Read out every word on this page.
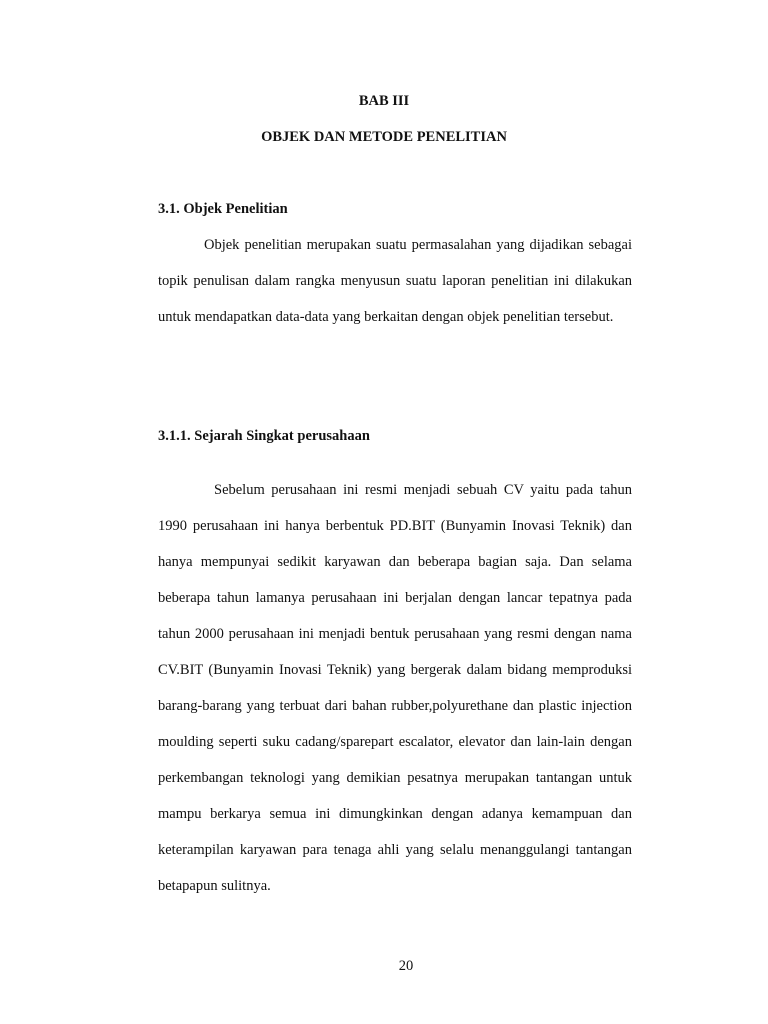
BAB III
OBJEK DAN METODE PENELITIAN
3.1. Objek Penelitian

Objek penelitian merupakan suatu permasalahan yang dijadikan sebagai topik penulisan dalam rangka menyusun suatu laporan penelitian ini dilakukan untuk mendapatkan data-data yang berkaitan dengan objek penelitian tersebut.

3.1.1. Sejarah Singkat perusahaan

Sebelum perusahaan ini resmi menjadi sebuah CV yaitu pada tahun 1990 perusahaan ini hanya berbentuk PD.BIT (Bunyamin Inovasi Teknik) dan hanya mempunyai sedikit karyawan dan beberapa bagian saja. Dan selama beberapa tahun lamanya perusahaan ini berjalan dengan lancar tepatnya pada tahun 2000 perusahaan ini menjadi bentuk perusahaan yang resmi dengan nama CV.BIT (Bunyamin Inovasi Teknik) yang bergerak dalam bidang memproduksi barang-barang yang terbuat dari bahan rubber,polyurethane dan plastic injection moulding seperti suku cadang/sparepart escalator, elevator dan lain-lain dengan perkembangan teknologi yang demikian pesatnya merupakan tantangan untuk mampu berkarya semua ini dimungkinkan dengan adanya kemampuan dan keterampilan karyawan para tenaga ahli yang selalu menanggulangi tantangan betapapun sulitnya.

20
